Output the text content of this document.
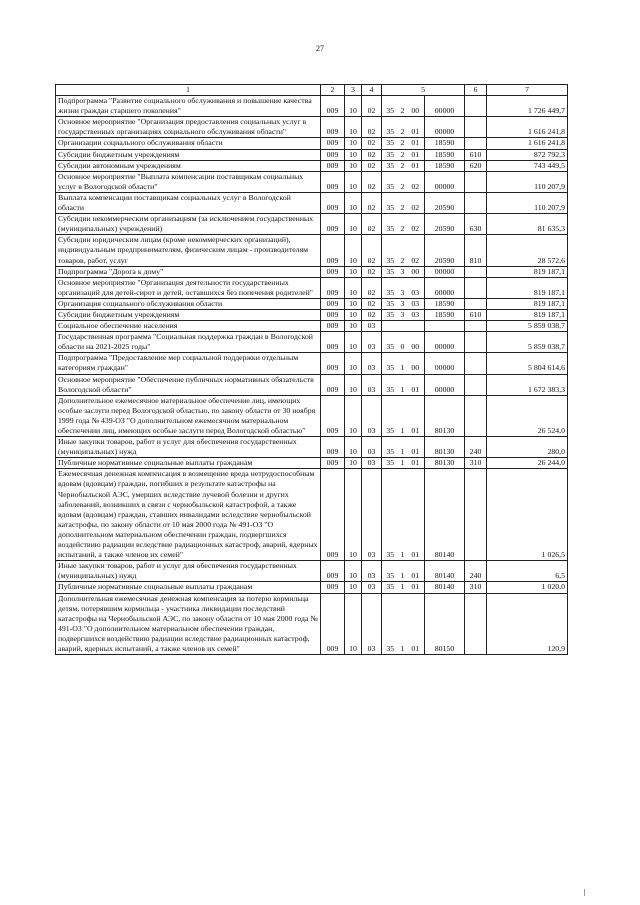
27
1	2	3	4	5				6	7
Подпрограмма "Развитие социального обслуживания и повышение качества жизни граждан старшего поколения"	009	10	02	35	2	00	00000		1 726 449,7
Основное мероприятие "Организация предоставления социальных услуг в государственных организациях социального обслуживания области"	009	10	02	35	2	01	00000		1 616 241,8
Организации социального обслуживания области	009	10	02	35	2	01	18590		1 616 241,8
Субсидии бюджетным учреждениям	009	10	02	35	2	01	18590	610	872 792,3
Субсидии автономным учреждениям	009	10	02	35	2	01	18590	620	743 449,5
Основное мероприятие "Выплата компенсации поставщикам социальных услуг в Вологодской области"	009	10	02	35	2	02	00000		110 207,9
Выплата компенсации поставщикам социальных услуг в Вологодской области	009	10	02	35	2	02	20590		110 207,9
Субсидии некоммерческим организациям (за исключением государственных (муниципальных) учреждений)	009	10	02	35	2	02	20590	630	81 635,3
Субсидии юридическим лицам (кроме некоммерческих организаций), индивидуальным предпринимателям, физическим лицам - производителям товаров, работ, услуг	009	10	02	35	2	02	20590	810	28 572,6
Подпрограмма "Дорога к дому"	009	10	02	35	3	00	00000		819 187,1
Основное мероприятие "Организация деятельности государственных организаций для детей-сирот и детей, оставшихся без попечения родителей"	009	10	02	35	3	03	00000		819 187,1
Организация социального обслуживания области	009	10	02	35	3	03	18590		819 187,1
Субсидии бюджетным учреждениям	009	10	02	35	3	03	18590	610	819 187,1
Социальное обеспечение населения	009	10	03						5 859 038,7
Государственная программа "Социальная поддержка граждан в Вологодской области на 2021-2025 годы"	009	10	03	35	0	00	00000		5 859 038,7
Подпрограмма "Предоставление мер социальной поддержки отдельным категориям граждан"	009	10	03	35	1	00	00000		5 804 614,6
Основное мероприятие "Обеспечение публичных нормативных обязательств Вологодской области"	009	10	03	35	1	01	00000		1 672 383,3
Дополнительное ежемесячное материальное обеспечение лиц, имеющих особые заслуги перед Вологодской областью, по закону области от 30 ноября 1999 года № 439-ОЗ "О дополнительном ежемесячном материальном обеспечении лиц, имеющих особые заслуги перед Вологодской областью"	009	10	03	35	1	01	80130		26 524,0
Иные закупки товаров, работ и услуг для обеспечения государственных (муниципальных) нужд	009	10	03	35	1	01	80130	240	280,0
Публичные нормативные социальные выплаты гражданам	009	10	03	35	1	01	80130	310	26 244,0
Ежемесячная денежная компенсация в возмещение вреда нетрудоспособным вдовам (вдовцам) граждан, погибших в результате катастрофы на Чернобыльской АЭС, умерших вследствие лучевой болезни и других заболеваний, возникших в связи с чернобыльской катастрофой, а также вдовам (вдовцам) граждан, ставших инвалидами вследствие чернобыльской катастрофы, по закону области от 10 мая 2000 года № 491-ОЗ "О дополнительном материальном обеспечении граждан, подвергшихся воздействию радиации вследствие радиационных катастроф, аварий, ядерных испытаний, а также членов их семей"	009	10	03	35	1	01	80140		1 026,5
Иные закупки товаров, работ и услуг для обеспечения государственных (муниципальных) нужд	009	10	03	35	1	01	80140	240	6,5
Публичные нормативные социальные выплаты гражданам	009	10	03	35	1	01	80140	310	1 020,0
Дополнительная ежемесячная денежная компенсация за потерю кормильца детям, потерявшим кормильца - участника ликвидации последствий катастрофы на Чернобыльской АЭС, по закону области от 10 мая 2000 года № 491-ОЗ "О дополнительном материальном обеспечении граждан, подвергшихся воздействию радиации вследствие радиационных катастроф, аварий, ядерных испытаний, а также членов их семей"	009	10	03	35	1	01	80150		120,9
